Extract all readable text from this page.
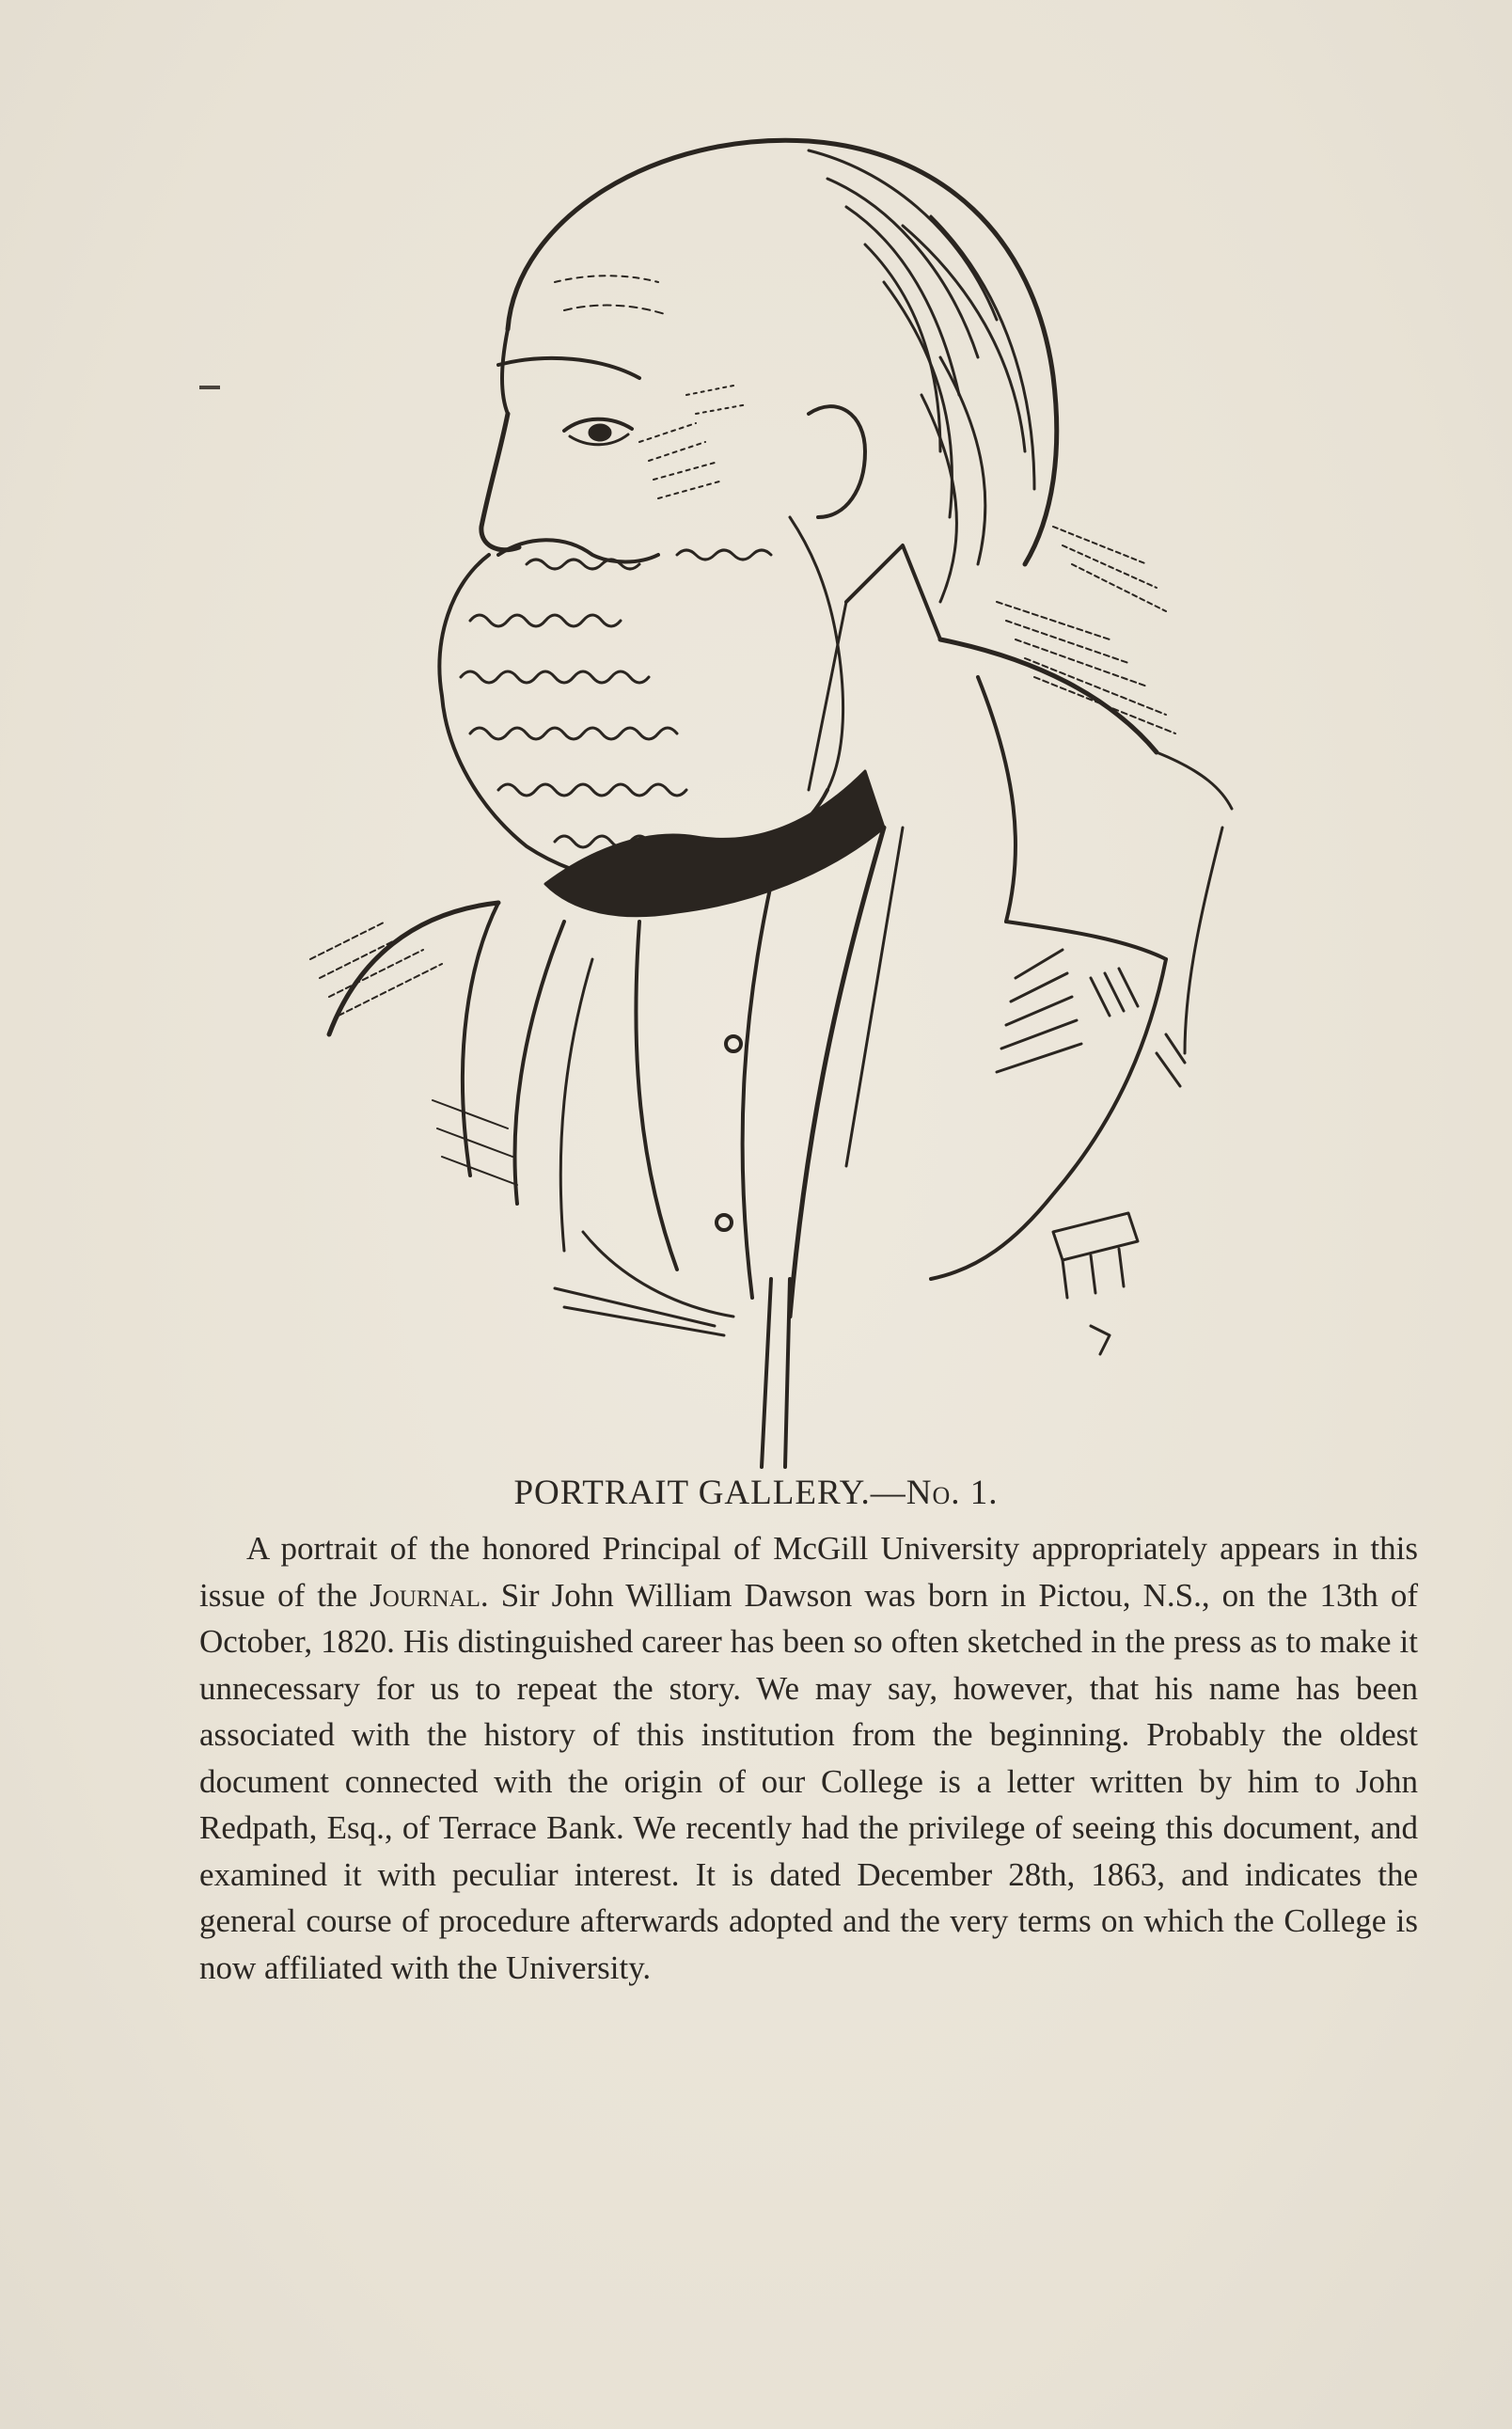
PORTRAIT GALLERY.—No. 1.

A portrait of the honored Principal of McGill University appropriately appears in this issue of the Journal. Sir John William Dawson was born in Pictou, N.S., on the 13th of October, 1820. His distinguished career has been so often sketched in the press as to make it unnecessary for us to repeat the story. We may say, however, that his name has been associated with the history of this institution from the beginning. Probably the oldest document connected with the origin of our College is a letter written by him to John Redpath, Esq., of Terrace Bank. We recently had the privilege of seeing this document, and examined it with peculiar interest. It is dated December 28th, 1863, and indicates the general course of procedure afterwards adopted and the very terms on which the College is now affiliated with the University.
